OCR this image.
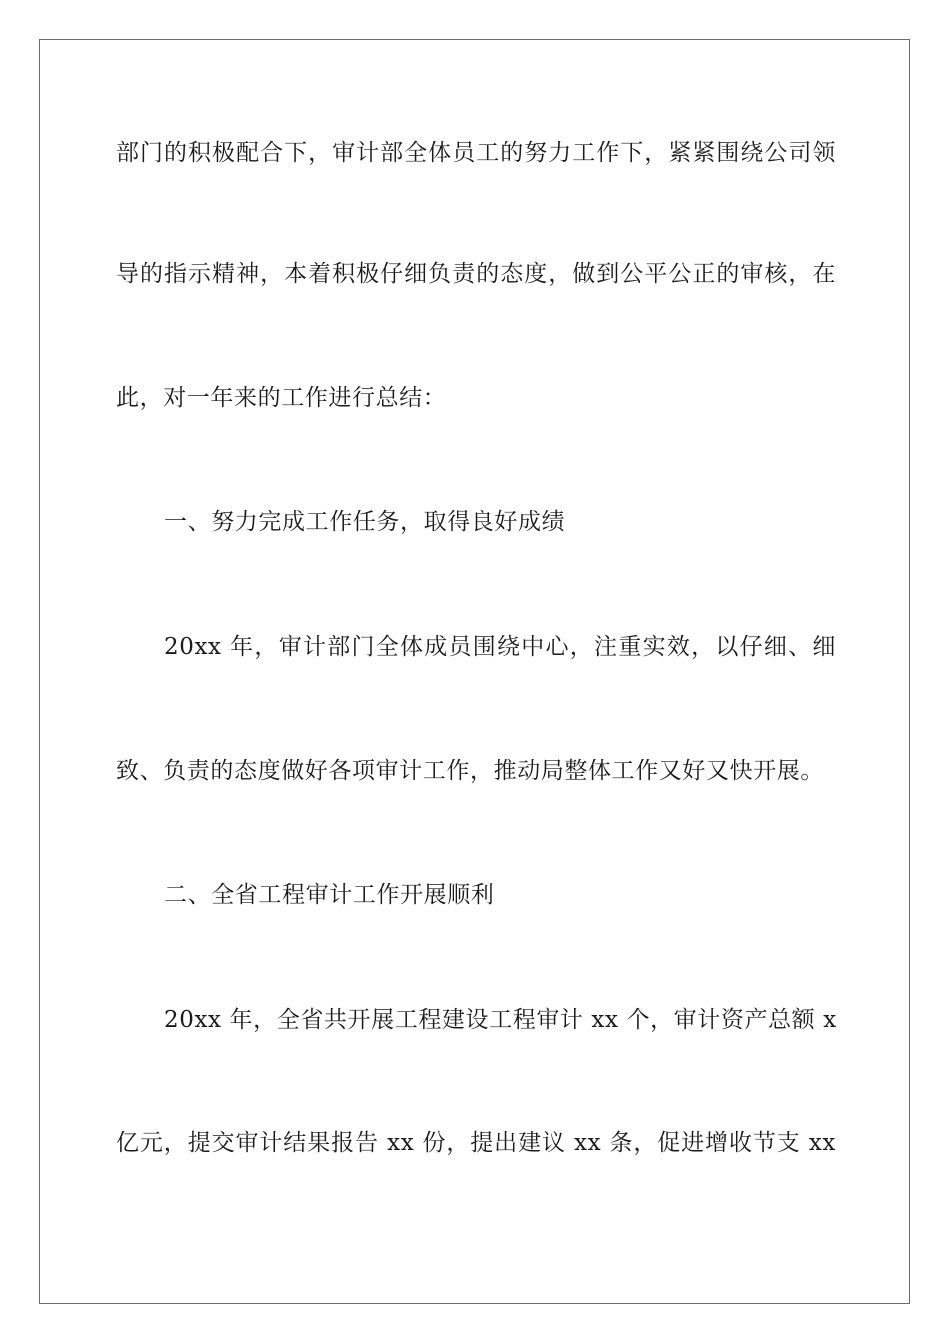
部门的积极配合下，审计部全体员工的努力工作下，紧紧围绕公司领

导的指示精神，本着积极仔细负责的态度，做到公平公正的审核，在

此，对一年来的工作进行总结：

一、努力完成工作任务，取得良好成绩

20xx 年，审计部门全体成员围绕中心，注重实效，以仔细、细

致、负责的态度做好各项审计工作，推动局整体工作又好又快开展。

二、全省工程审计工作开展顺利

20xx 年，全省共开展工程建设工程审计 xx 个，审计资产总额 x

亿元，提交审计结果报告 xx 份，提出建议 xx 条，促进增收节支 xx
